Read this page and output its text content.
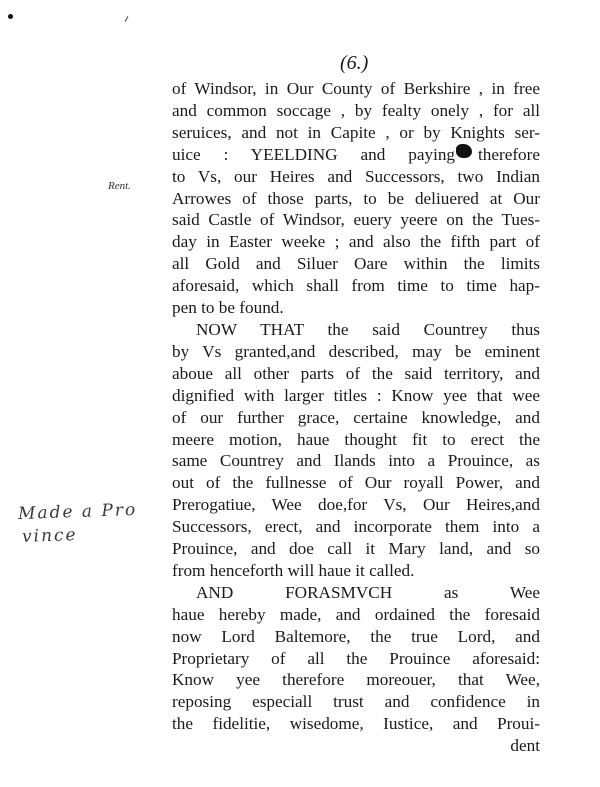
(6.)
Rent.
Made a Pro
vince
of Windsor, in Our County of Berkshire , in free
and common soccage , by fealty onely , for all
seruices, and not in Capite , or by Knights ser-
uice : YEELDING and paying therefore
to Vs, our Heires and Successors, two Indian
Arrowes of those parts, to be deliuered at Our
said Castle of Windsor, euery yeere on the Tues-
day in Easter weeke ; and also the fifth part of
all Gold and Siluer Oare within the limits
aforesaid, which shall from time to time hap-
pen to be found.
NOW THAT the said Countrey thus
by Vs granted,and described, may be eminent
aboue all other parts of the said territory, and
dignified with larger titles : Know yee that wee
of our further grace, certaine knowledge, and
meere motion, haue thought fit to erect the
same Countrey and Ilands into a Prouince, as
out of the fullnesse of Our royall Power, and
Prerogatiue, Wee doe,for Vs, Our Heires,and
Successors, erect, and incorporate them into a
Prouince, and doe call it Mary land, and so
from henceforth will haue it called.
AND FORASMVCH as Wee
haue hereby made, and ordained the foresaid
now Lord Baltemore, the true Lord, and
Proprietary of all the Prouince aforesaid:
Know yee therefore moreouer, that Wee,
reposing especiall trust and confidence in
the fidelitie, wisedome, Iustice, and Proui-
dent
